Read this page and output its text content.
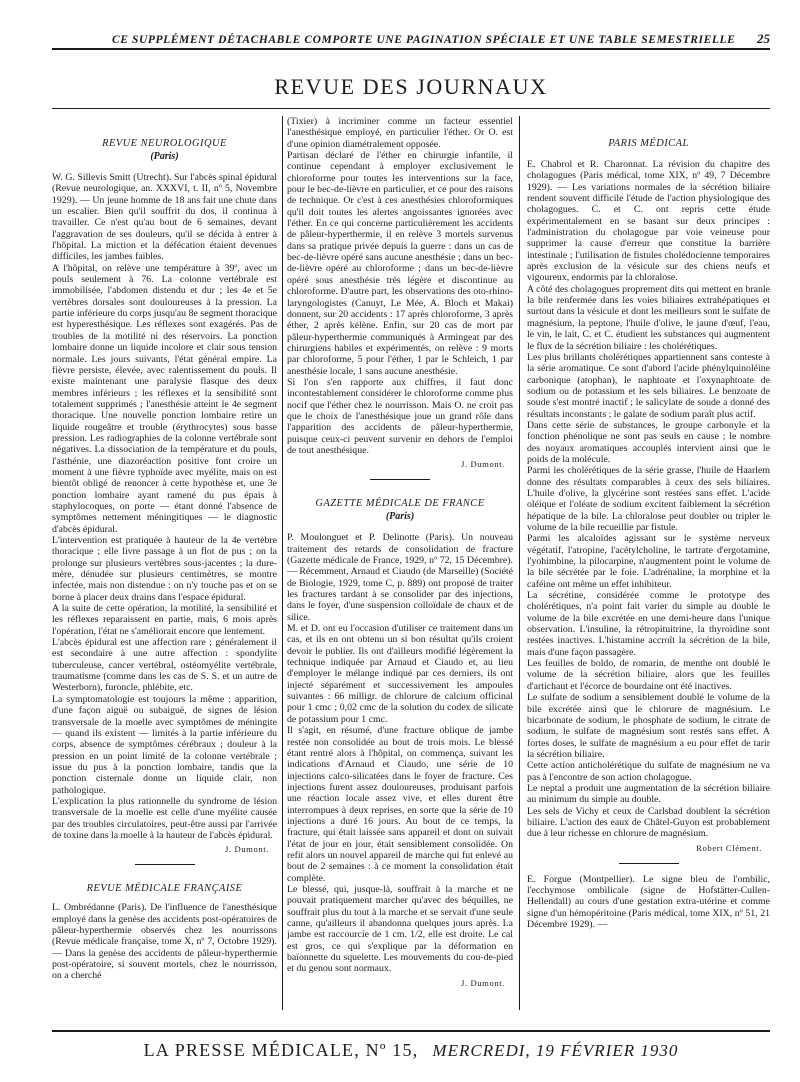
CE SUPPLÉMENT DÉTACHABLE COMPORTE UNE PAGINATION SPÉCIALE ET UNE TABLE SEMESTRIELLE 25
REVUE DES JOURNAUX
REVUE NEUROLOGIQUE
(Paris)

W. G. Sillevis Smitt (Utrecht). Sur l'abcès spinal épidural (Revue neurologique, an. XXXVI, t. II, nº 5, Novembre 1929). — Un jeune homme de 18 ans fait une chute dans un escalier. Bien qu'il souffrit du dos, il continua à travailler. Ce n'est qu'au bout de 6 semaines, devant l'aggravation de ses douleurs, qu'il se décida à entrer à l'hôpital. La miction et la défécation étaient devenues difficiles, les jambes faibles.
A l'hôpital, on relève une température à 39º, avec un pouls seulement à 76. La colonne vertébrale est immobilisée, l'abdomen distendu et dur ; les 4e et 5e vertèbres dorsales sont douloureuses à la pression. La partie inférieure du corps jusqu'au 8e segment thoracique est hyperesthésique. Les réflexes sont exagérés. Pas de troubles de la motilité ni des réservoirs. La ponction lombaire donne un liquide incolore et clair sous tension normale. Les jours suivants, l'état général empire. La fièvre persiste, élevée, avec ralentissement du pouls. Il existe maintenant une paralysie flasque des deux membres inférieurs ; les réflexes et la sensibilité sont totalement supprimés ; l'anesthésie atteint le 4e segment thoracique. Une nouvelle ponction lombaire retire un liquide rougeâtre et trouble (érythrocytes) sous basse pression. Les radiographies de la colonne vertébrale sont négatives. La dissociation de la température et du pouls, l'asthénie, une diazoréaction positive font croire un moment à une fièvre typhoïde avec myélite, mais on est bientôt obligé de renoncer à cette hypothèse et, une 3e ponction lombaire ayant ramené du pus épais à staphylocoques, on porte — étant donné l'absence de symptômes nettement méningitiques — le diagnostic d'abcès épidural.
L'intervention est pratiquée à hauteur de la 4e vertèbre thoracique ; elle livre passage à un flot de pus ; on la prolonge sur plusieurs vertèbres sous-jacentes ; la dure-mère, dénudée sur plusieurs centimètres, se montre infectée, mais non distendue : on n'y touche pas et on se borne à placer deux drains dans l'espace épidural.
A la suite de cette opération, la motilité, la sensibilité et les réflexes reparaissent en partie, mais, 6 mois après l'opération, l'état ne s'améliorait encore que lentement.
L'abcès épidural est une affection rare ; généralement il est secondaire à une autre affection : spondylite tuberculeuse, cancer vertébral, ostéomyélite vertébrale, traumatisme (comme dans les cas de S. S. et un autre de Westerborn), furoncle, phlébite, etc.
La symptomatologie est toujours la même : apparition, d'une façon aiguë ou subaiguë, de signes de lésion transversale de la moelle avec symptômes de méningite — quand ils existent — limités à la partie inférieure du corps, absence de symptômes cérébraux ; douleur à la pression en un point limité de la colonne vertébrale ; issue du pus à la ponction lombaire, tandis que la ponction cisternale donne un liquide clair, non pathologique.
L'explication la plus rationnelle du syndrome de lésion transversale de la moelle est celle d'une myélite causée par des troubles circulatoires, peut-être aussi par l'arrivée de toxine dans la moelle à la hauteur de l'abcès épidural.

J. Dumont.
REVUE MÉDICALE FRANÇAISE

L. Ombrédanne (Paris). De l'influence de l'anesthésique employé dans la genèse des accidents post-opératoires de pâleur-hyperthermie observés chez les nourrissons (Revue médicale française, tome X, nº 7, Octobre 1929). — Dans la genèse des accidents de pâleur-hyperthermie post-opératoire, si souvent mortels, chez le nourrisson, on a cherché

(Tixier) à incriminer comme un facteur essentiel l'anesthésique employé, en particulier l'éther. Or O. est d'une opinion diamétralement opposée.
Partisan déclaré de l'éther en chirurgie infantile, il continue cependant à employer exclusivement le chloroforme pour toutes les interventions sur la face, pour le bec-de-lièvre en particulier, et ce pour des raisons de technique. Or c'est à ces anesthésies chloroformiques qu'il doit toutes les alertes angoissantes ignorées avec l'éther. En ce qui concerne particulièrement les accidents de pâleur-hyperthermie, il en relève 3 mortels survenus dans sa pratique privée depuis la guerre : dans un cas de bec-de-lièvre opéré sans aucune anesthésie ; dans un bec-de-lièvre opéré au chloroforme ; dans un bec-de-lièvre opéré sous anesthésie très légère et discontinue au chloroforme. D'autre part, les observations des oto-rhino-laryngologistes (Canuyt, Le Mée, A. Bloch et Makai) donnent, sur 20 accidents : 17 après chloroforme, 3 après éther, 2 après kélène. Enfin, sur 20 cas de mort par pâleur-hyperthermie communiqués à Armingeat par des chirurgiens habiles et expérimentés, on relève : 9 morts par chloroforme, 5 pour l'éther, 1 par le Schleich, 1 par anesthésie locale, 1 sans aucune anesthésie.
Si l'on s'en rapporte aux chiffres, il faut donc incontestablement considérer le chloroforme comme plus nocif que l'éther chez le nourrisson. Mais O. ne croit pas que le choix de l'anesthésique joue un grand rôle dans l'apparition des accidents de pâleur-hyperthermie, puisque ceux-ci peuvent survenir en dehors de l'emploi de tout anesthésique.

J. Dumont.
GAZETTE MÉDICALE DE FRANCE
(Paris)

P. Moulonguet et P. Delinotte (Paris). Un nouveau traitement des retards de consolidation de fracture (Gazette médicale de France, 1929, nº 72, 15 Décembre). — Récemment, Arnaud et Ciaudo (de Marseille) (Société de Biologie, 1929, tome C, p. 889) ont proposé de traiter les fractures tardant à se consolider par des injections, dans le foyer, d'une suspension colloïdale de chaux et de silice.
M. et D. ont eu l'occasion d'utiliser ce traitement dans un cas, et ils en ont obtenu un si bon résultat qu'ils croient devoir le publier. Ils ont d'ailleurs modifié légèrement la technique indiquée par Arnaud et Ciaudo et, au lieu d'employer le mélange indiqué par ces derniers, ils ont injecté séparément et successivement les ampoules suivantes : 66 milligr. de chlorure de calcium officinal pour 1 cmc ; 0,02 cmc de la solution du codex de silicate de potassium pour 1 cmc.
Il s'agit, en résumé, d'une fracture oblique de jambe restée non consolidée au bout de trois mois. Le blessé étant rentré alors à l'hôpital, on commença, suivant les indications d'Arnaud et Ciaudo, une série de 10 injections calco-silicatées dans le foyer de fracture. Ces injections furent assez douloureuses, produisant parfois une réaction locale assez vive, et elles durent être interrompues à deux reprises, en sorte que la série de 10 injections a duré 16 jours. Au bout de ce temps, la fracture, qui était laissée sans appareil et dont on suivait l'état de jour en jour, était sensiblement consolidée. On refit alors un nouvel appareil de marche qui fut enlevé au bout de 2 semaines : à ce moment la consolidation était complète.
Le blessé, qui, jusque-là, souffrait à la marche et ne pouvait pratiquement marcher qu'avec des béquilles, ne souffrait plus du tout à la marche et se servait d'une seule canne, qu'ailleurs il abandonna quelques jours après. La jambe est raccourcie de 1 cm. 1/2, elle est droite. Le cal est gros, ce qui s'explique par la déformation en baïonnette du squelette. Les mouvements du cou-de-pied et du genou sont normaux.

J. Dumont.
PARIS MÉDICAL

E. Chabrol et R. Charonnat. La révision du chapitre des cholagogues (Paris médical, tome XIX, nº 49, 7 Décembre 1929). — Les variations normales de la sécrétion biliaire rendent souvent difficile l'étude de l'action physiologique des cholagogues. C. et C. ont repris cette étude expérimentalement en se basant sur deux principes : l'administration du cholagogue par voie veineuse pour supprimer la cause d'erreur que constitue la barrière intestinale ; l'utilisation de fistules cholédocienne temporaires après exclusion de la vésicule sur des chiens neufs et vigoureux, endormis par la chloralose.
A côté des cholagogues proprement dits qui mettent en branle la bile renfermée dans les voies biliaires extrahépatiques et surtout dans la vésicule et dont les meilleurs sont le sulfate de magnésium, la peptone, l'huile d'olive, le jaune d'œuf, l'eau, le vin, le lait, C. et C. étudient les substances qui augmentent le flux de la sécrétion biliaire : les cholérétiques.
Les plus brillants cholérétiques appartiennent sans conteste à la série aromatique. Ce sont d'abord l'acide phénylquinoléine carbonique (atophan), le naphtoate et l'oxynaphtoate de sodium ou de potassium et les sels biliaires. Le benzoate de soude s'est montré inactif ; le salicylate de soude a donné des résultats inconstants ; le galate de sodium paraît plus actif.
Dans cette série de substances, le groupe carbonyle et la fonction phénolique ne sont pas seuls en cause ; le nombre des noyaux aromatiques accouplés intervient ainsi que le poids de la molécule.
Parmi les cholérétiques de la série grasse, l'huile de Haarlem donne des résultats comparables à ceux des sels biliaires. L'huile d'olive, la glycérine sont restées sans effet. L'acide oléique et l'oléate de sodium excitent faiblement la sécrétion hépatique de la bile. La chloralose peut doubler ou tripler le volume de la bile recueillie par fistule.
Parmi les alcaloïdes agissant sur le système nerveux végétatif, l'atropine, l'acétylcholine, le tartrate d'ergotamine, l'yohimbine, la pilocarpine, n'augmentent point le volume de la bile sécrétée par le foie. L'adrénaline, la morphine et la caféine ont même un effet inhibiteur.
La sécrétine, considérée comme le prototype des cholérétiques, n'a point fait varier du simple au double le volume de la bile excrétée en une demi-heure dans l'unique observation. L'insuline, la rétropituitrine, la thyroïdine sont restées inactives. L'histamine accroît la sécrétion de la bile, mais d'une façon passagère.
Les feuilles de boldo, de romarin, de menthe ont doublé le volume de la sécrétion biliaire, alors que les feuilles d'artichaut et l'écorce de bourdaine ont été inactives.
Le sulfate de sodium a sensiblement doublé le volume de la bile excrétée ainsi que le chlorure de magnésium. Le bicarbonate de sodium, le phosphate de sodium, le citrate de sodium, le sulfate de magnésium sont restés sans effet. A fortes doses, le sulfate de magnésium a eu pour effet de tarir la sécrétion biliaire.
Cette action anticholérétique du sulfate de magnésium ne va pas à l'encontre de son action cholagogue.
Le neptal a produit une augmentation de la sécrétion biliaire au minimum du simple au double.
Les sels de Vichy et ceux de Carlsbad doublent la sécrétion biliaire. L'action des eaux de Châtel-Guyon est probablement due à leur richesse en chlorure de magnésium.

Robert Clément.

E. Forgue (Montpellier). Le signe bleu de l'ombilic, l'ecchymose ombilicale (signe de Hofstätter-Cullen-Hellendall) au cours d'une gestation extra-utérine et comme signe d'un hémopéritoine (Paris médical, tome XIX, nº 51, 21 Décembre 1929). —

LA PRESSE MÉDICALE, Nº 15, MERCREDI, 19 FÉVRIER 1930
